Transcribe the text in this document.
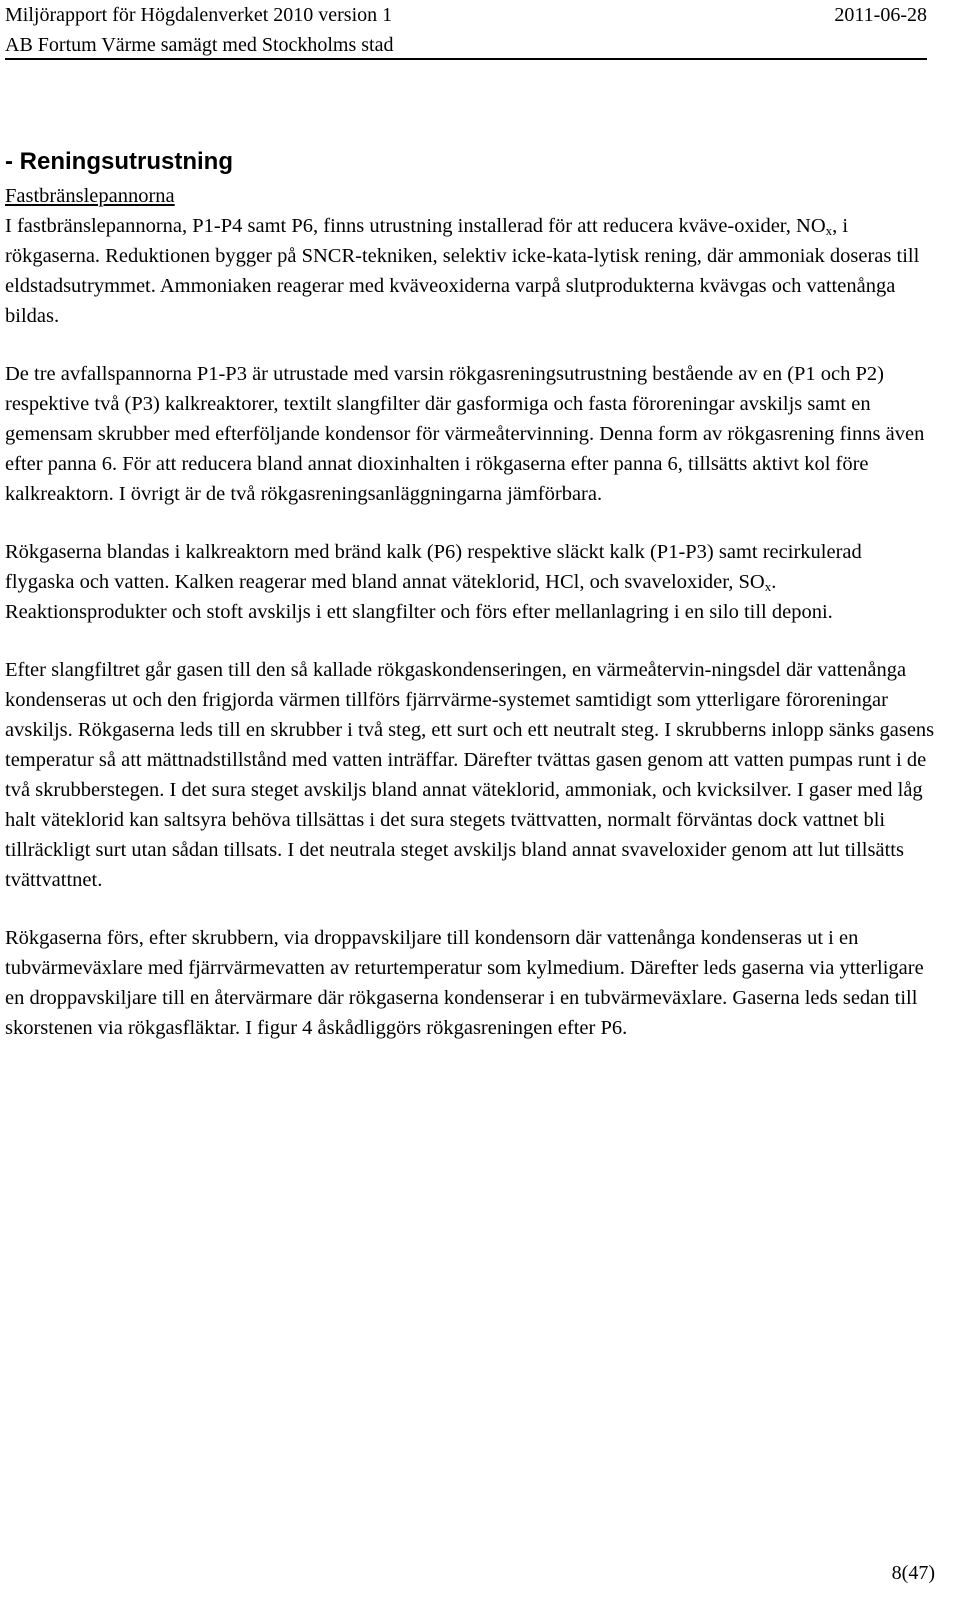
Miljörapport för Högdalenverket 2010 version 1	2011-06-28
AB Fortum Värme samägt med Stockholms stad
- Reningsutrustning

Fastbränslepannorna

I fastbränslepannorna, P1-P4 samt P6, finns utrustning installerad för att reducera kväve-oxider, $NO_x$, i rökgaserna. Reduktionen bygger på SNCR-tekniken, selektiv icke-kata-lytisk rening, där ammoniak doseras till eldstadsutrymmet. Ammoniaken reagerar med kväveoxiderna varpå slutprodukterna kvävgas och vattenånga bildas.

De tre avfallspannorna P1-P3 är utrustade med varsin rökgasreningsutrustning bestående av en (P1 och P2) respektive två (P3) kalkreaktorer, textilt slangfilter där gasformiga och fasta föroreningar avskiljs samt en gemensam skrubber med efterföljande kondensor för värmeåtervinning. Denna form av rökgasrening finns även efter panna 6. För att reducera bland annat dioxinhalten i rökgaserna efter panna 6, tillsätts aktivt kol före kalkreaktorn. I övrigt är de två rökgasreningsanläggningarna jämförbara.

Rökgaserna blandas i kalkreaktorn med bränd kalk (P6) respektive släckt kalk (P1-P3) samt recirkulerad flygaska och vatten. Kalken reagerar med bland annat väteklorid, HCl, och svaveloxider, $SO_x$. Reaktionsprodukter och stoft avskiljs i ett slangfilter och förs efter mellanlagring i en silo till deponi.

Efter slangfiltret går gasen till den så kallade rökgaskondenseringen, en värmeåtervin-ningsdel där vattenånga kondenseras ut och den frigjorda värmen tillförs fjärrvärme-systemet samtidigt som ytterligare föroreningar avskiljs. Rökgaserna leds till en skrubber i två steg, ett surt och ett neutralt steg. I skrubberns inlopp sänks gasens temperatur så att mättnadstillstånd med vatten inträffar. Därefter tvättas gasen genom att vatten pumpas runt i de två skrubberstegen. I det sura steget avskiljs bland annat väteklorid, ammoniak, och kvicksilver. I gaser med låg halt väteklorid kan saltsyra behöva tillsättas i det sura stegets tvättvatten, normalt förväntas dock vattnet bli tillräckligt surt utan sådan tillsats. I det neutrala steget avskiljs bland annat svaveloxider genom att lut tillsätts tvättvattnet.

Rökgaserna förs, efter skrubbern, via droppavskiljare till kondensorn där vattenånga kondenseras ut i en tubvärmeväxlare med fjärrvärmevatten av returtemperatur som kylmedium. Därefter leds gaserna via ytterligare en droppavskiljare till en återvärmare där rökgaserna kondenserar i en tubvärmeväxlare. Gaserna leds sedan till skorstenen via rökgasfläktar. I figur 4 åskådliggörs rökgasreningen efter P6.

8(47)
